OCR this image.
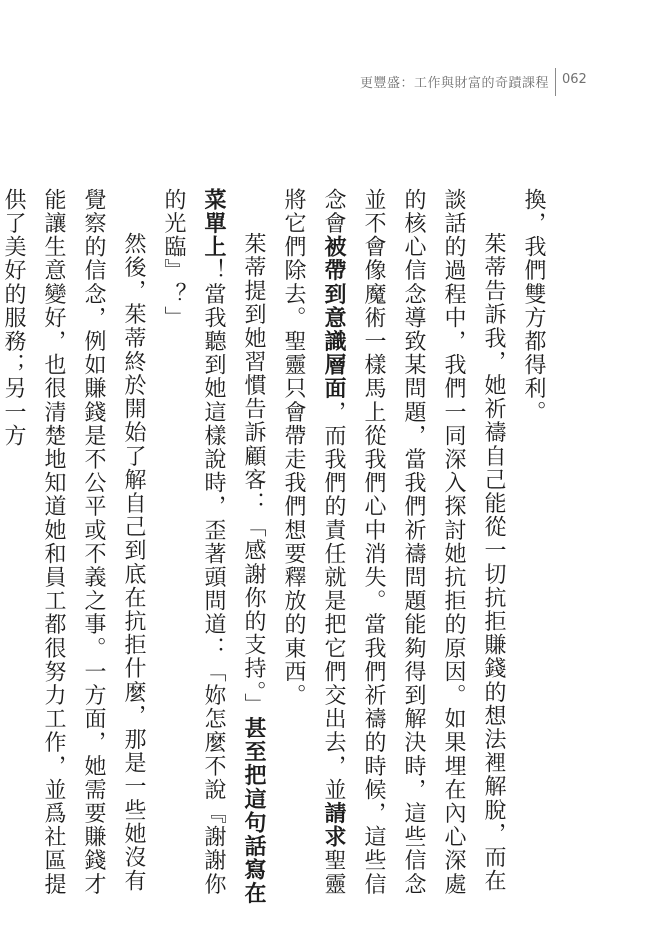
更豐盛：工作與財富的奇蹟課程 062

換，我們雙方都得利。

茱蒂告訴我，她祈禱自己能從一切抗拒賺錢的想法裡解脫，而在談話的過程中，我們一同深入探討她抗拒的原因。如果埋在內心深處的核心信念導致某問題，當我們祈禱問題能夠得到解決時，這些信念並不會像魔術一樣馬上從我們心中消失。當我們祈禱的時候，這些信念會被帶到意識層面，而我們的責任就是把它們交出去，並請求聖靈將它們除去。聖靈只會帶走我們想要釋放的東西。

茱蒂提到她習慣告訴顧客：「感謝你的支持。」甚至把這句話寫在菜單上！當我聽到她這樣說時，歪著頭問道：「妳怎麼不說『謝謝你的光臨』？」

然後，茱蒂終於開始了解自己到底在抗拒什麼，那是一些她沒有覺察的信念，例如賺錢是不公平或不義之事。一方面，她需要賺錢才能讓生意變好，也很清楚地知道她和員工都很努力工作，並爲社區提供了美好的服務；另一方
